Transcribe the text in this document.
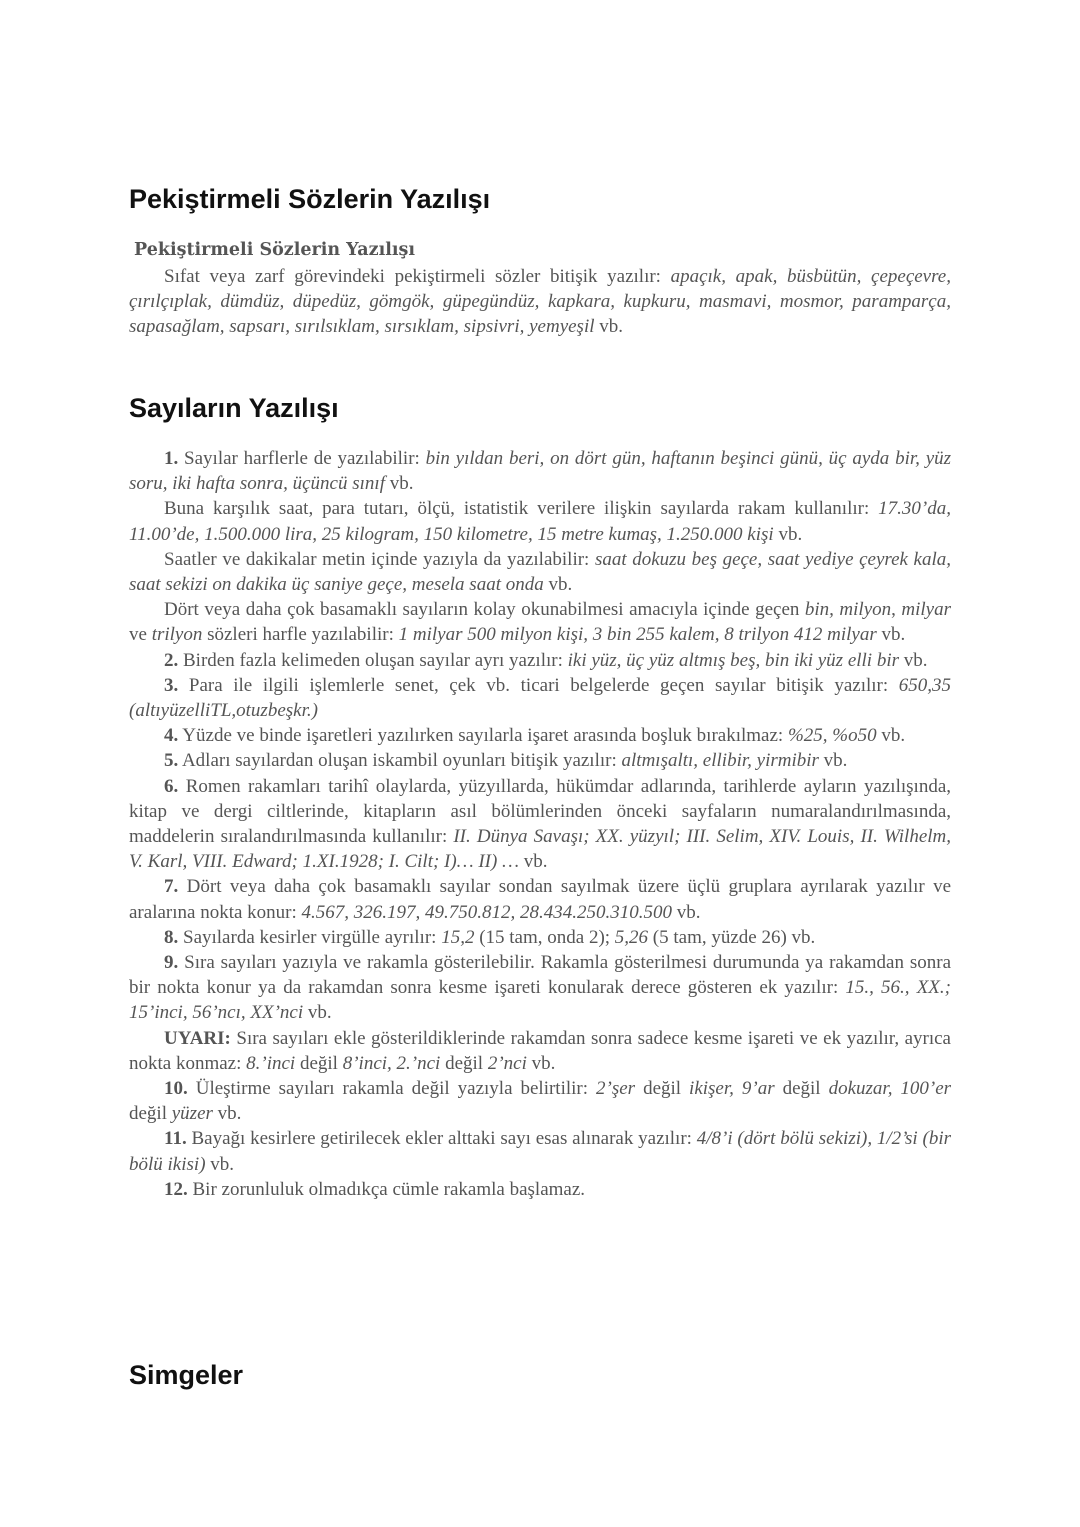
Pekiştirmeli Sözlerin Yazılışı
Pekiştirmeli Sözlerin Yazılışı

Sıfat veya zarf görevindeki pekiştirmeli sözler bitişik yazılır: apaçık, apak, büsbütün, çepeçevre, çırılçıplak, dümdüz, düpedüz, gömgök, güpegündüz, kapkara, kupkuru, masmavi, mosmor, paramparça, sapasağlam, sapsarı, sırılsıklam, sırsıklam, sipsivri, yemyeşil vb.

Sayıların Yazılışı

1. Sayılar harflerle de yazılabilir: bin yıldan beri, on dört gün, haftanın beşinci günü, üç ayda bir, yüz soru, iki hafta sonra, üçüncü sınıf vb.

Buna karşılık saat, para tutarı, ölçü, istatistik verilere ilişkin sayılarda rakam kullanılır: 17.30’da, 11.00’de, 1.500.000 lira, 25 kilogram, 150 kilometre, 15 metre kumaş, 1.250.000 kişi vb.

Saatler ve dakikalar metin içinde yazıyla da yazılabilir: saat dokuzu beş geçe, saat yediye çeyrek kala, saat sekizi on dakika üç saniye geçe, mesela saat onda vb.

Dört veya daha çok basamaklı sayıların kolay okunabilmesi amacıyla içinde geçen bin, milyon, milyar ve trilyon sözleri harfle yazılabilir: 1 milyar 500 milyon kişi, 3 bin 255 kalem, 8 trilyon 412 milyar vb.

2. Birden fazla kelimeden oluşan sayılar ayrı yazılır: iki yüz, üç yüz altmış beş, bin iki yüz elli bir vb.

3. Para ile ilgili işlemlerle senet, çek vb. ticari belgelerde geçen sayılar bitişik yazılır: 650,35 (altıyüzelliTL,otuzbeşkr.)

4. Yüzde ve binde işaretleri yazılırken sayılarla işaret arasında boşluk bırakılmaz: %25, %o50 vb.

5. Adları sayılardan oluşan iskambil oyunları bitişik yazılır: altmışaltı, ellibir, yirmibir vb.

6. Romen rakamları tarihî olaylarda, yüzyıllarda, hükümdar adlarında, tarihlerde ayların yazılışında, kitap ve dergi ciltlerinde, kitapların asıl bölümlerinden önceki sayfaların numaralandırılmasında, maddelerin sıralandırılmasında kullanılır: II. Dünya Savaşı; XX. yüzyıl; III. Selim, XIV. Louis, II. Wilhelm, V. Karl, VIII. Edward; 1.XI.1928; I. Cilt; I)… II) … vb.

7. Dört veya daha çok basamaklı sayılar sondan sayılmak üzere üçlü gruplara ayrılarak yazılır ve aralarına nokta konur: 4.567, 326.197, 49.750.812, 28.434.250.310.500 vb.

8. Sayılarda kesirler virgülle ayrılır: 15,2 (15 tam, onda 2); 5,26 (5 tam, yüzde 26) vb.

9. Sıra sayıları yazıyla ve rakamla gösterilebilir. Rakamla gösterilmesi durumunda ya rakamdan sonra bir nokta konur ya da rakamdan sonra kesme işareti konularak derece gösteren ek yazılır: 15., 56., XX.; 15’inci, 56’ncı, XX’nci vb.

UYARI: Sıra sayıları ekle gösterildiklerinde rakamdan sonra sadece kesme işareti ve ek yazılır, ayrıca nokta konmaz: 8.’inci değil 8’inci, 2.’nci değil 2’nci vb.

10. Üleştirme sayıları rakamla değil yazıyla belirtilir: 2’şer değil ikişer, 9’ar değil dokuzar, 100’er değil yüzer vb.

11. Bayağı kesirlere getirilecek ekler alttaki sayı esas alınarak yazılır: 4/8’i (dört bölü sekizi), 1/2’si (bir bölü ikisi) vb.

12. Bir zorunluluk olmadıkça cümle rakamla başlamaz.

Simgeler
